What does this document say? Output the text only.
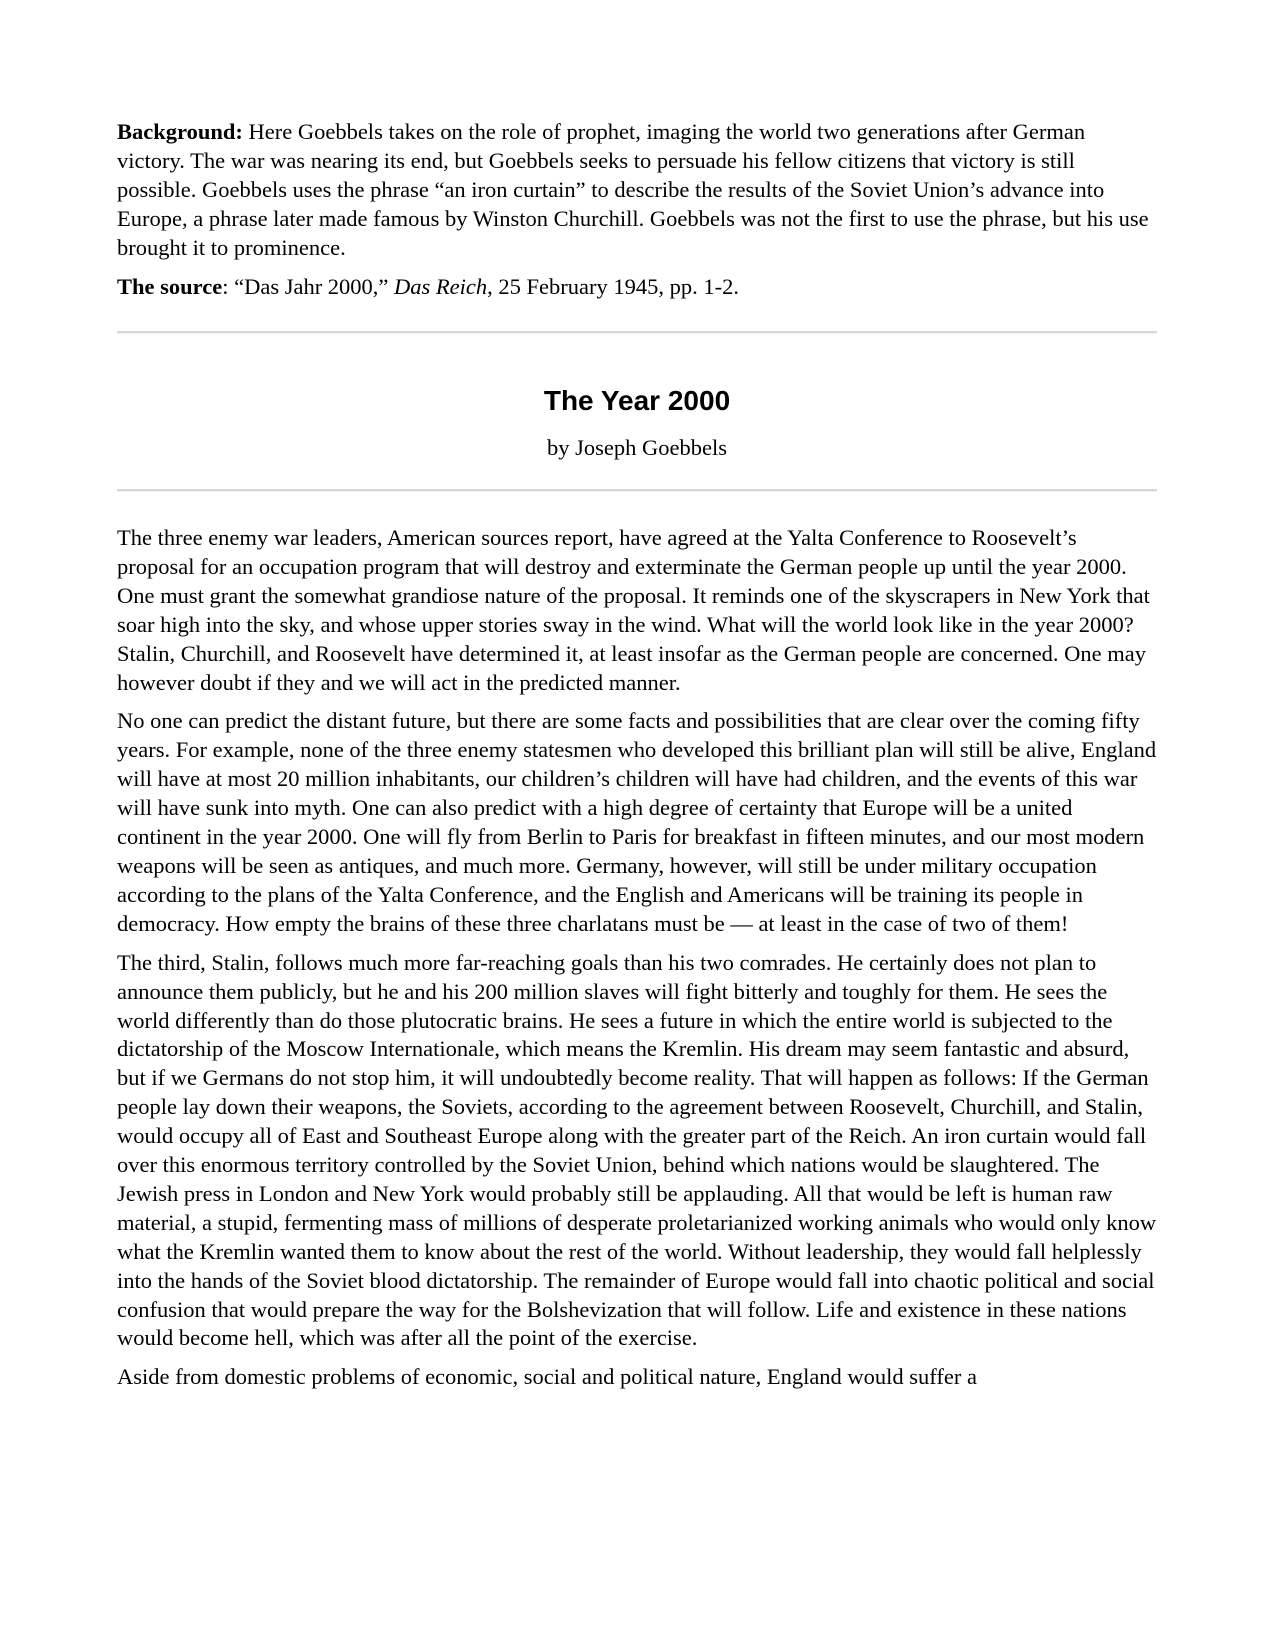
Background: Here Goebbels takes on the role of prophet, imaging the world two generations after German victory. The war was nearing its end, but Goebbels seeks to persuade his fellow citizens that victory is still possible. Goebbels uses the phrase “an iron curtain” to describe the results of the Soviet Union’s advance into Europe, a phrase later made famous by Winston Churchill. Goebbels was not the first to use the phrase, but his use brought it to prominence.

The source: “Das Jahr 2000,” Das Reich, 25 February 1945, pp. 1-2.

The Year 2000

by Joseph Goebbels

The three enemy war leaders, American sources report, have agreed at the Yalta Conference to Roosevelt’s proposal for an occupation program that will destroy and exterminate the German people up until the year 2000. One must grant the somewhat grandiose nature of the proposal. It reminds one of the skyscrapers in New York that soar high into the sky, and whose upper stories sway in the wind. What will the world look like in the year 2000? Stalin, Churchill, and Roosevelt have determined it, at least insofar as the German people are concerned. One may however doubt if they and we will act in the predicted manner.

No one can predict the distant future, but there are some facts and possibilities that are clear over the coming fifty years. For example, none of the three enemy statesmen who developed this brilliant plan will still be alive, England will have at most 20 million inhabitants, our children’s children will have had children, and the events of this war will have sunk into myth. One can also predict with a high degree of certainty that Europe will be a united continent in the year 2000. One will fly from Berlin to Paris for breakfast in fifteen minutes, and our most modern weapons will be seen as antiques, and much more. Germany, however, will still be under military occupation according to the plans of the Yalta Conference, and the English and Americans will be training its people in democracy. How empty the brains of these three charlatans must be — at least in the case of two of them!

The third, Stalin, follows much more far-reaching goals than his two comrades. He certainly does not plan to announce them publicly, but he and his 200 million slaves will fight bitterly and toughly for them. He sees the world differently than do those plutocratic brains. He sees a future in which the entire world is subjected to the dictatorship of the Moscow Internationale, which means the Kremlin. His dream may seem fantastic and absurd, but if we Germans do not stop him, it will undoubtedly become reality. That will happen as follows: If the German people lay down their weapons, the Soviets, according to the agreement between Roosevelt, Churchill, and Stalin, would occupy all of East and Southeast Europe along with the greater part of the Reich. An iron curtain would fall over this enormous territory controlled by the Soviet Union, behind which nations would be slaughtered. The Jewish press in London and New York would probably still be applauding. All that would be left is human raw material, a stupid, fermenting mass of millions of desperate proletarianized working animals who would only know what the Kremlin wanted them to know about the rest of the world. Without leadership, they would fall helplessly into the hands of the Soviet blood dictatorship. The remainder of Europe would fall into chaotic political and social confusion that would prepare the way for the Bolshevization that will follow. Life and existence in these nations would become hell, which was after all the point of the exercise.

Aside from domestic problems of economic, social and political nature, England would suffer a
